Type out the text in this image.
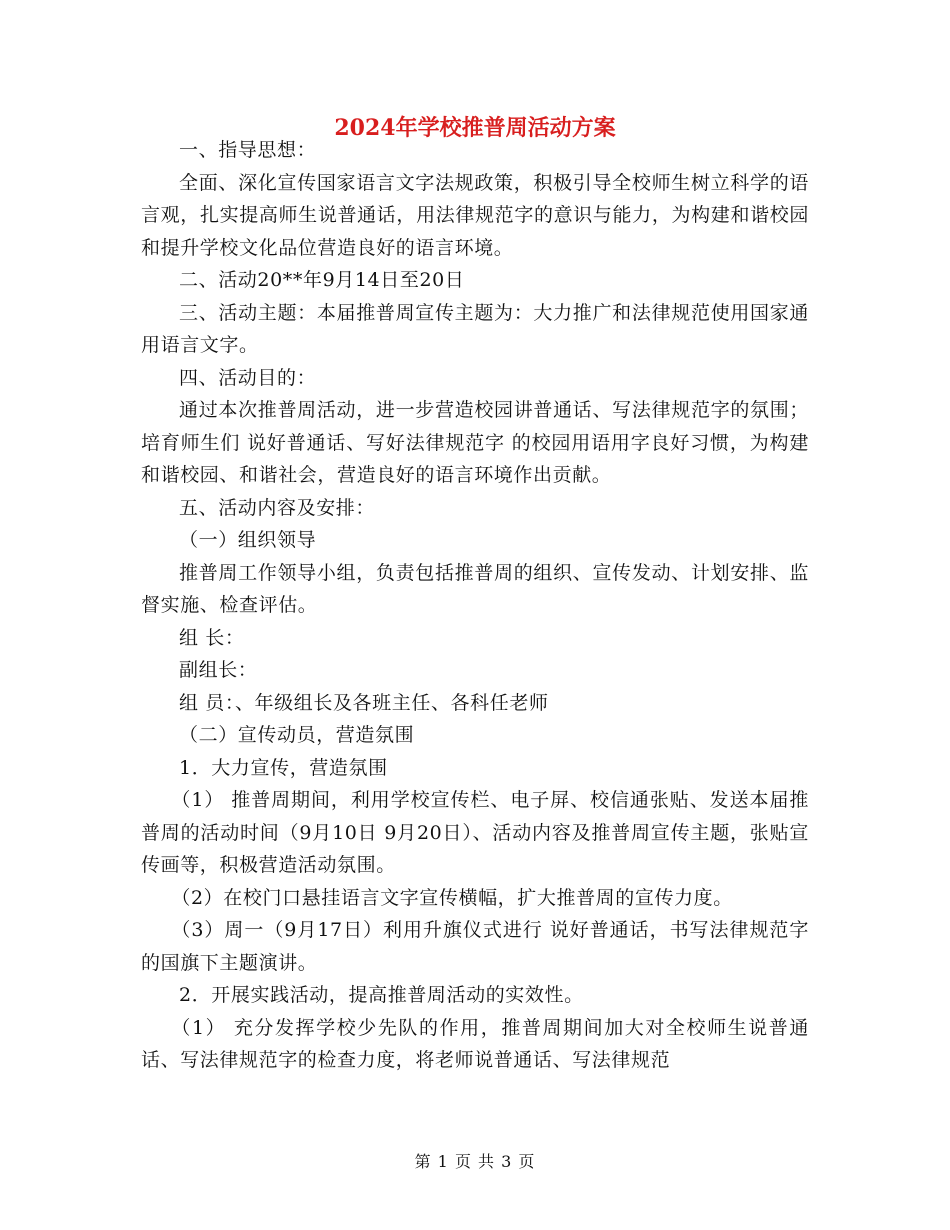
2024年学校推普周活动方案

一、指导思想：

全面、深化宣传国家语言文字法规政策，积极引导全校师生树立科学的语言观，扎实提高师生说普通话，用法律规范字的意识与能力，为构建和谐校园和提升学校文化品位营造良好的语言环境。

二、活动20**年9月14日至20日

三、活动主题：本届推普周宣传主题为：大力推广和法律规范使用国家通用语言文字。

四、活动目的：

通过本次推普周活动，进一步营造校园讲普通话、写法律规范字的氛围；培育师生们 说好普通话、写好法律规范字 的校园用语用字良好习惯，为构建和谐校园、和谐社会，营造良好的语言环境作出贡献。

五、活动内容及安排：

（一）组织领导

推普周工作领导小组，负责包括推普周的组织、宣传发动、计划安排、监督实施、检查评估。

组 长：

副组长：

组 员：、年级组长及各班主任、各科任老师

（二）宣传动员，营造氛围

1．大力宣传，营造氛围

（1） 推普周期间，利用学校宣传栏、电子屏、校信通张贴、发送本届推普周的活动时间（9月10日 9月20日）、活动内容及推普周宣传主题，张贴宣传画等，积极营造活动氛围。

（2）在校门口悬挂语言文字宣传横幅，扩大推普周的宣传力度。

（3）周一（9月17日）利用升旗仪式进行 说好普通话，书写法律规范字 的国旗下主题演讲。

2．开展实践活动，提高推普周活动的实效性。

（1） 充分发挥学校少先队的作用，推普周期间加大对全校师生说普通话、写法律规范字的检查力度，将老师说普通话、写法律规范

第 1 页 共 3 页
